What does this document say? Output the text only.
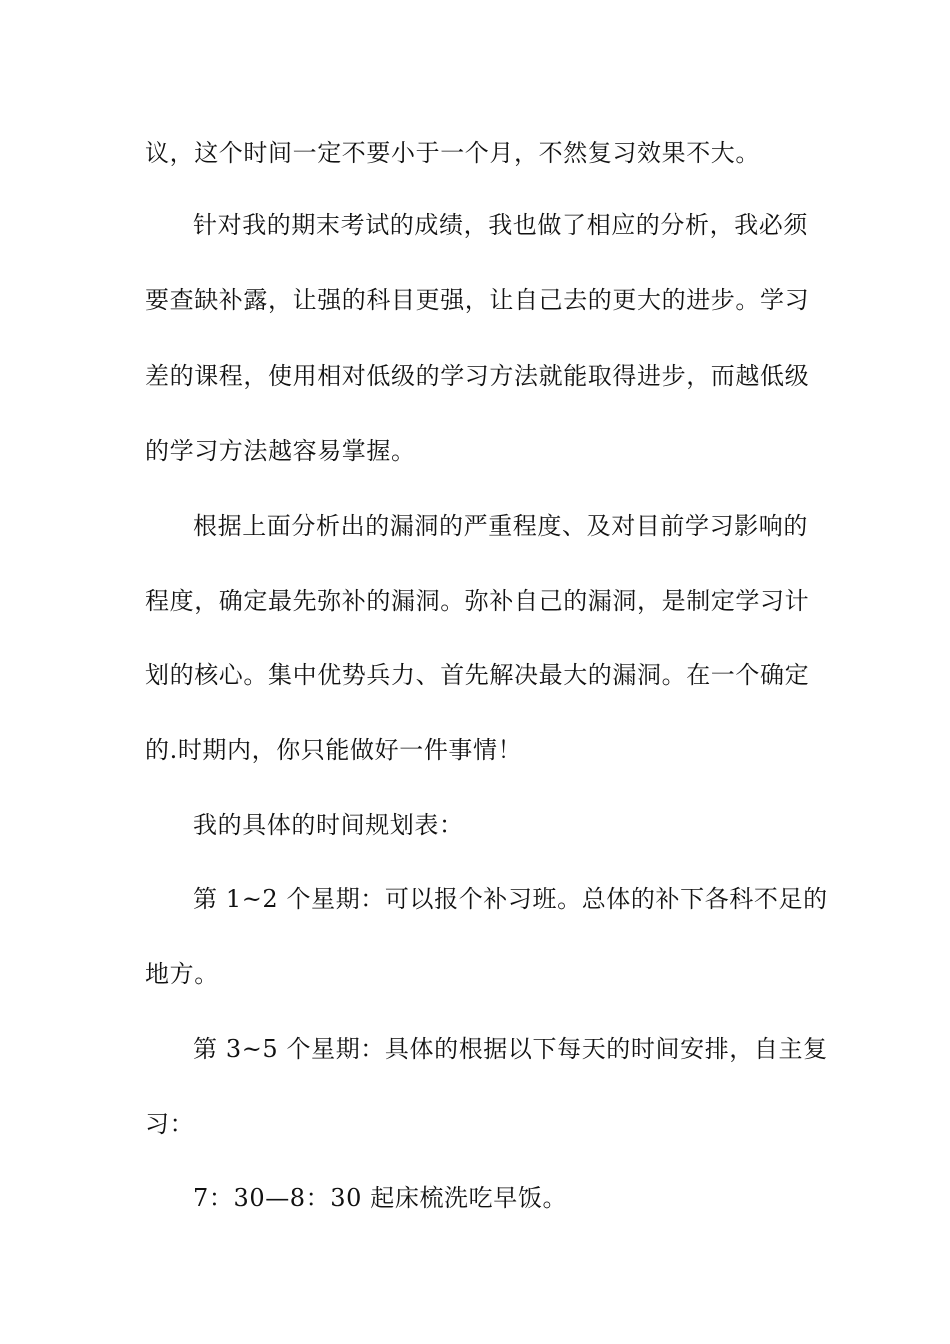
议，这个时间一定不要小于一个月，不然复习效果不大。

针对我的期末考试的成绩，我也做了相应的分析，我必须

要查缺补露，让强的科目更强，让自己去的更大的进步。学习

差的课程，使用相对低级的学习方法就能取得进步，而越低级

的学习方法越容易掌握。

根据上面分析出的漏洞的严重程度、及对目前学习影响的

程度，确定最先弥补的漏洞。弥补自己的漏洞，是制定学习计

划的核心。集中优势兵力、首先解决最大的漏洞。在一个确定

的.时期内，你只能做好一件事情！

我的具体的时间规划表：

第 1~2 个星期：可以报个补习班。总体的补下各科不足的

地方。

第 3~5 个星期：具体的根据以下每天的时间安排，自主复

习：

7：30—8：30 起床梳洗吃早饭。
